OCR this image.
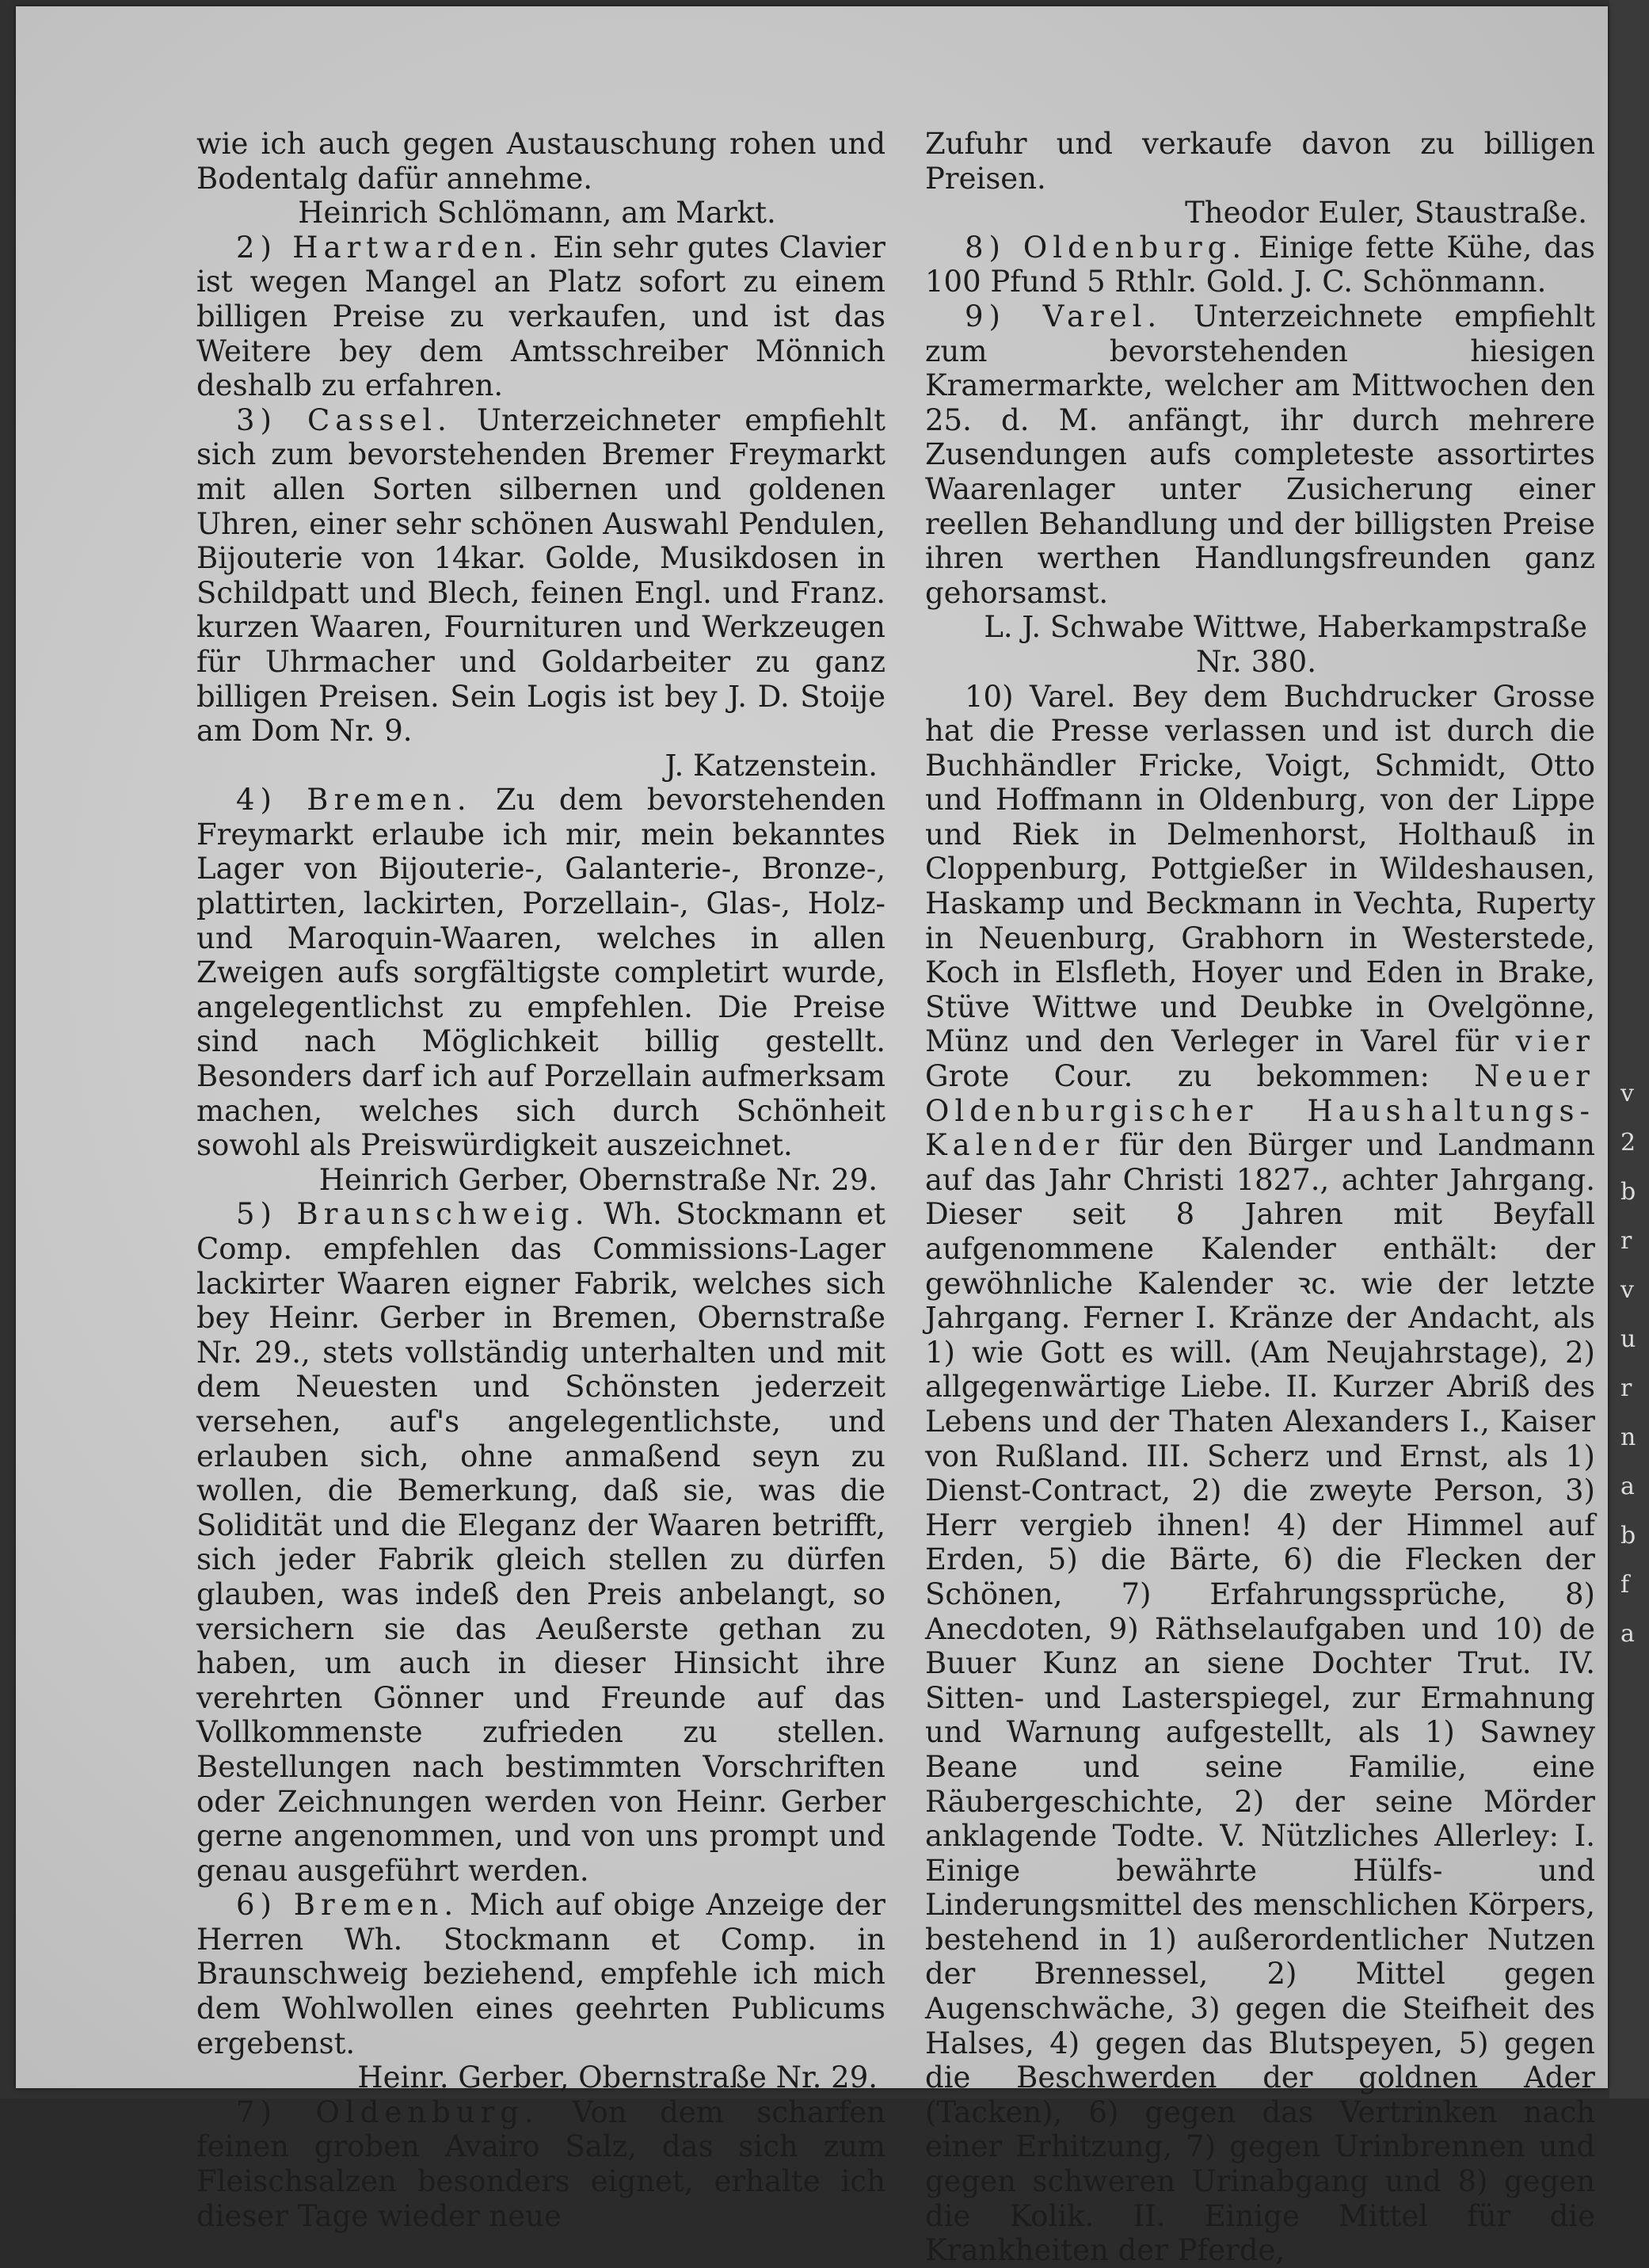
v
2
b
r
v
u
r
n
a
b
f
a

wie ich auch gegen Austauschung rohen und Bodentalg dafür annehme.

Heinrich Schlömann, am Markt.

2) Hartwarden. Ein sehr gutes Clavier ist wegen Mangel an Platz sofort zu einem billigen Preise zu verkaufen, und ist das Weitere bey dem Amtsschreiber Mönnich deshalb zu erfahren.

3) Cassel. Unterzeichneter empfiehlt sich zum bevorstehenden Bremer Freymarkt mit allen Sorten silbernen und goldenen Uhren, einer sehr schönen Auswahl Pendulen, Bijouterie von 14kar. Golde, Musikdosen in Schildpatt und Blech, feinen Engl. und Franz. kurzen Waaren, Fournituren und Werkzeugen für Uhrmacher und Goldarbeiter zu ganz billigen Preisen. Sein Logis ist bey J. D. Stoije am Dom Nr. 9.

J. Katzenstein.

4) Bremen. Zu dem bevorstehenden Freymarkt erlaube ich mir, mein bekanntes Lager von Bijouterie-, Galanterie-, Bronze-, plattirten, lackirten, Porzellain-, Glas-, Holz- und Maroquin-Waaren, welches in allen Zweigen aufs sorgfältigste completirt wurde, angelegentlichst zu empfehlen. Die Preise sind nach Möglichkeit billig gestellt. Besonders darf ich auf Porzellain aufmerksam machen, welches sich durch Schönheit sowohl als Preiswürdigkeit auszeichnet.

Heinrich Gerber, Obernstraße Nr. 29.

5) Braunschweig. Wh. Stockmann et Comp. empfehlen das Commissions-Lager lackirter Waaren eigner Fabrik, welches sich bey Heinr. Gerber in Bremen, Obernstraße Nr. 29., stets vollständig unterhalten und mit dem Neuesten und Schönsten jederzeit versehen, auf's angelegentlichste, und erlauben sich, ohne anmaßend seyn zu wollen, die Bemerkung, daß sie, was die Solidität und die Eleganz der Waaren betrifft, sich jeder Fabrik gleich stellen zu dürfen glauben, was indeß den Preis anbelangt, so versichern sie das Aeußerste gethan zu haben, um auch in dieser Hinsicht ihre verehrten Gönner und Freunde auf das Vollkommenste zufrieden zu stellen. Bestellungen nach bestimmten Vorschriften oder Zeichnungen werden von Heinr. Gerber gerne angenommen, und von uns prompt und genau ausgeführt werden.

6) Bremen. Mich auf obige Anzeige der Herren Wh. Stockmann et Comp. in Braunschweig beziehend, empfehle ich mich dem Wohlwollen eines geehrten Publicums ergebenst.

Heinr. Gerber, Obernstraße Nr. 29.

7) Oldenburg. Von dem scharfen feinen groben Avairo Salz, das sich zum Fleischsalzen besonders eignet, erhalte ich dieser Tage wieder neue

Zufuhr und verkaufe davon zu billigen Preisen.

Theodor Euler, Staustraße.

8) Oldenburg. Einige fette Kühe, das 100 Pfund 5 Rthlr. Gold. J. C. Schönmann.

9) Varel. Unterzeichnete empfiehlt zum bevorstehenden hiesigen Kramermarkte, welcher am Mittwochen den 25. d. M. anfängt, ihr durch mehrere Zusendungen aufs completeste assortirtes Waarenlager unter Zusicherung einer reellen Behandlung und der billigsten Preise ihren werthen Handlungsfreunden ganz gehorsamst.

L. J. Schwabe Wittwe, Haberkampstraße
Nr. 380.

10) Varel. Bey dem Buchdrucker Grosse hat die Presse verlassen und ist durch die Buchhändler Fricke, Voigt, Schmidt, Otto und Hoffmann in Oldenburg, von der Lippe und Riek in Delmenhorst, Holthauß in Cloppenburg, Pottgießer in Wildeshausen, Haskamp und Beckmann in Vechta, Ruperty in Neuenburg, Grabhorn in Westerstede, Koch in Elsfleth, Hoyer und Eden in Brake, Stüve Wittwe und Deubke in Ovelgönne, Münz und den Verleger in Varel für vier Grote Cour. zu bekommen: Neuer Oldenburgischer Haushaltungs-Kalender für den Bürger und Landmann auf das Jahr Christi 1827., achter Jahrgang. Dieser seit 8 Jahren mit Beyfall aufgenommene Kalender enthält: der gewöhnliche Kalender ꝛc. wie der letzte Jahrgang. Ferner I. Kränze der Andacht, als 1) wie Gott es will. (Am Neujahrstage), 2) allgegenwärtige Liebe. II. Kurzer Abriß des Lebens und der Thaten Alexanders I., Kaiser von Rußland. III. Scherz und Ernst, als 1) Dienst-Contract, 2) die zweyte Person, 3) Herr vergieb ihnen! 4) der Himmel auf Erden, 5) die Bärte, 6) die Flecken der Schönen, 7) Erfahrungssprüche, 8) Anecdoten, 9) Räthselaufgaben und 10) de Buuer Kunz an siene Dochter Trut. IV. Sitten- und Lasterspiegel, zur Ermahnung und Warnung aufgestellt, als 1) Sawney Beane und seine Familie, eine Räubergeschichte, 2) der seine Mörder anklagende Todte. V. Nützliches Allerley: I. Einige bewährte Hülfs- und Linderungsmittel des menschlichen Körpers, bestehend in 1) außerordentlicher Nutzen der Brennessel, 2) Mittel gegen Augenschwäche, 3) gegen die Steifheit des Halses, 4) gegen das Blutspeyen, 5) gegen die Beschwerden der goldnen Ader (Tacken), 6) gegen das Vertrinken nach einer Erhitzung, 7) gegen Urinbrennen und gegen schweren Urinabgang und 8) gegen die Kolik. II. Einige Mittel für die Krankheiten der Pferde,
